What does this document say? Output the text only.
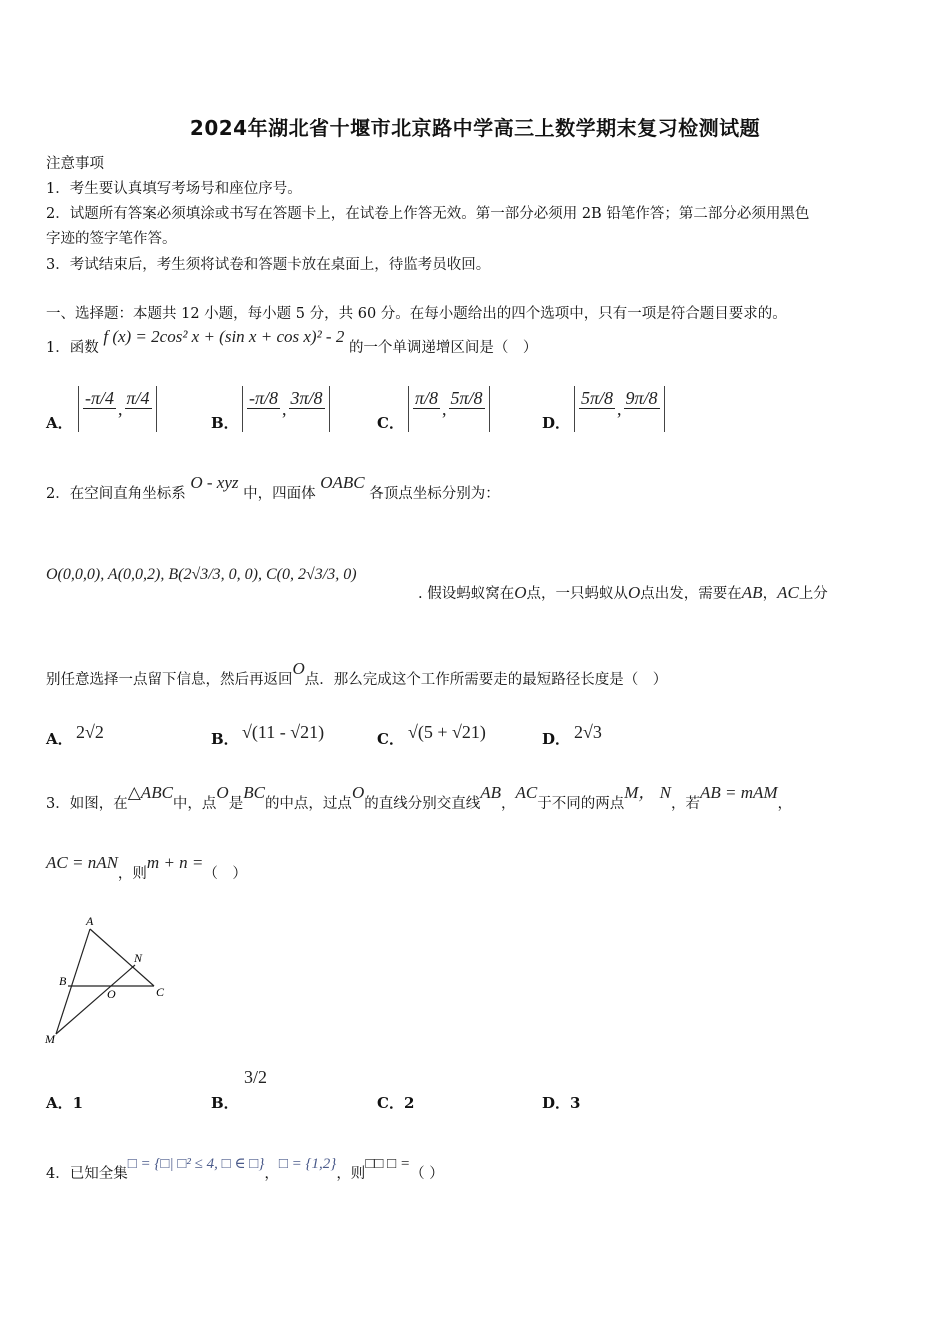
2024年湖北省十堰市北京路中学高三上数学期末复习检测试题
注意事项
1．考生要认真填写考场号和座位序号。
2．试题所有答案必须填涂或书写在答题卡上，在试卷上作答无效。第一部分必须用 2B 铅笔作答；第二部分必须用黑色
字迹的签字笔作答。
3．考试结束后，考生须将试卷和答题卡放在桌面上，待监考员收回。
一、选择题：本题共 12 小题，每小题 5 分，共 60 分。在每小题给出的四个选项中，只有一项是符合题目要求的。
1．函数 f (x) = 2cos² x + (sin x + cos x)² - 2 的一个单调递增区间是（　）
A．
-π/4

,
π/4

B．
-π/8

,
3π/8

C．
π/8

,
5π/8

D．
5π/8

,
9π/8

2．在空间直角坐标系 O - xyz 中，四面体 OABC 各顶点坐标分别为：
O(0,0,0), A(0,0,2), B(2√3/3, 0, 0), C(0, 2√3/3, 0)
. 假设蚂蚁窝在O点，一只蚂蚁从O点出发，需要在AB，AC上分
别任意选择一点留下信息，然后再返回O点．那么完成这个工作所需要走的最短路径长度是（　）
A． 2√2	B． √(11 - √21)	C． √(5 + √21)	D． 2√3
3．如图，在△ABC中，点O是BC的中点，过点O的直线分别交直线AB，AC于不同的两点M， N，若AB = mAM，
AC = nAN，则m + n =（　）
A
B
C
O
N
M
A．1	B．
3/2
C．2	D．3
4．已知全集□ = {□| □² ≤ 4, □ ∈ □}，□ = {1,2}，则□□ □ =（ ）
